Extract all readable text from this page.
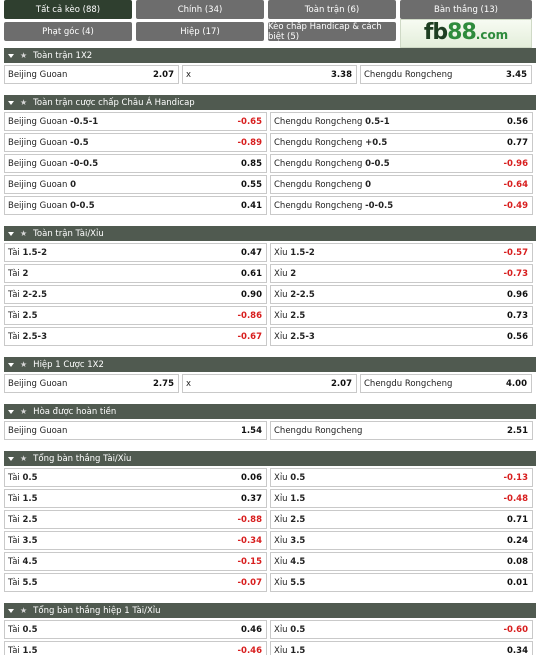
Tất cả kèo (88)	Chính (34)	Toàn trận (6)	Bàn thắng (13)
Phạt góc (4)	Hiệp (17)	Kèo chấp Handicap & cách biệt (5)	fb88.com
★ Toàn trận 1X2
Beijing Guoan	2.07 x	3.38 Chengdu Rongcheng	3.45
★ Toàn trận cược chấp Châu Á Handicap
Beijing Guoan -0.5-1	-0.65 Chengdu Rongcheng 0.5-1	0.56
Beijing Guoan -0.5	-0.89 Chengdu Rongcheng +0.5	0.77
Beijing Guoan -0-0.5	0.85 Chengdu Rongcheng 0-0.5	-0.96
Beijing Guoan 0	0.55 Chengdu Rongcheng 0	-0.64
Beijing Guoan 0-0.5	0.41 Chengdu Rongcheng -0-0.5	-0.49
★ Toàn trận Tài/Xỉu
Tài 1.5-2	0.47 Xỉu 1.5-2	-0.57
Tài 2	0.61 Xỉu 2	-0.73
Tài 2-2.5	0.90 Xỉu 2-2.5	0.96
Tài 2.5	-0.86 Xỉu 2.5	0.73
Tài 2.5-3	-0.67 Xỉu 2.5-3	0.56
★ Hiệp 1 Cược 1X2
Beijing Guoan	2.75 x	2.07 Chengdu Rongcheng	4.00
★ Hòa được hoàn tiền
Beijing Guoan	1.54 Chengdu Rongcheng	2.51
★ Tổng bàn thắng Tài/Xỉu
Tài 0.5	0.06 Xỉu 0.5	-0.13
Tài 1.5	0.37 Xỉu 1.5	-0.48
Tài 2.5	-0.88 Xỉu 2.5	0.71
Tài 3.5	-0.34 Xỉu 3.5	0.24
Tài 4.5	-0.15 Xỉu 4.5	0.08
Tài 5.5	-0.07 Xỉu 5.5	0.01
★ Tổng bàn thắng hiệp 1 Tài/Xỉu
Tài 0.5	0.46 Xỉu 0.5	-0.60
Tài 1.5	-0.46 Xỉu 1.5	0.34
